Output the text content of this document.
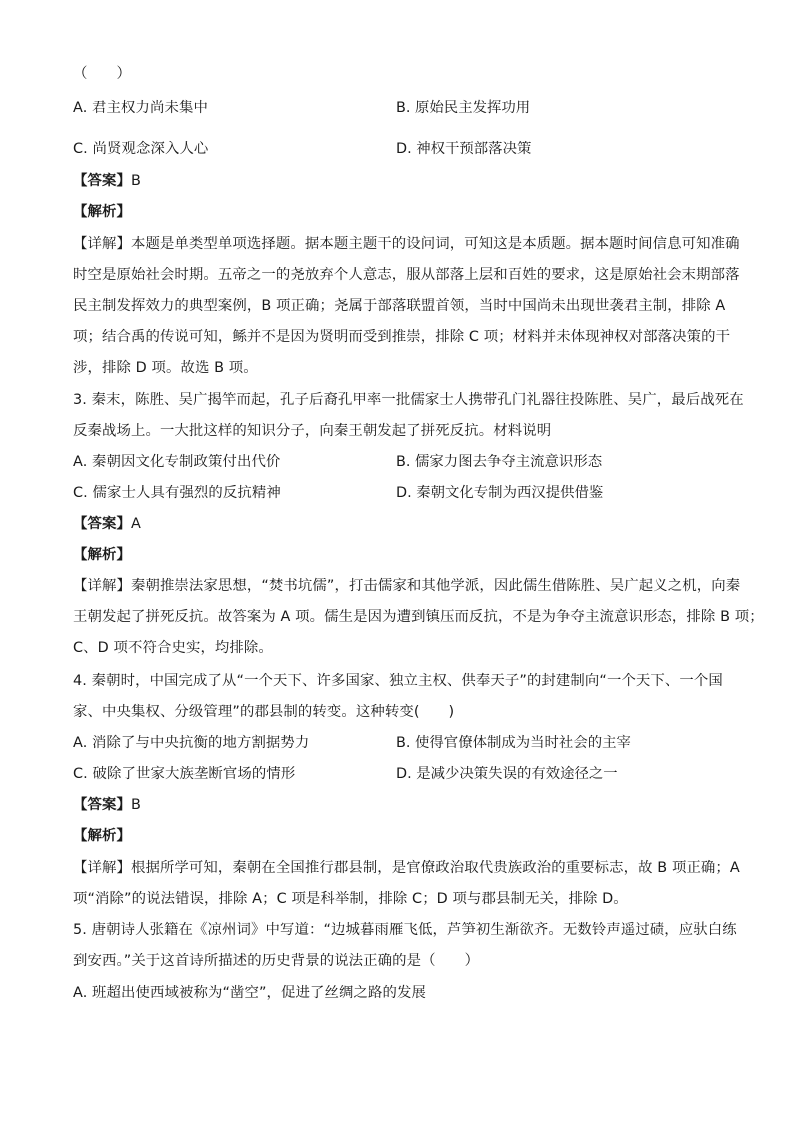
（　　）
A. 君主权力尚未集中	B. 原始民主发挥功用
C. 尚贤观念深入人心	D. 神权干预部落决策
【答案】B
【解析】
【详解】本题是单类型单项选择题。据本题主题干的设问词，可知这是本质题。据本题时间信息可知准确
时空是原始社会时期。五帝之一的尧放弃个人意志，服从部落上层和百姓的要求，这是原始社会末期部落
民主制发挥效力的典型案例，B 项正确；尧属于部落联盟首领，当时中国尚未出现世袭君主制，排除 A
项；结合禹的传说可知，鲧并不是因为贤明而受到推崇，排除 C 项；材料并未体现神权对部落决策的干
涉，排除 D 项。故选 B 项。
3. 秦末，陈胜、吴广揭竿而起，孔子后裔孔甲率一批儒家士人携带孔门礼器往投陈胜、吴广，最后战死在
反秦战场上。一大批这样的知识分子，向秦王朝发起了拼死反抗。材料说明
A. 秦朝因文化专制政策付出代价	B. 儒家力图去争夺主流意识形态
C. 儒家士人具有强烈的反抗精神	D. 秦朝文化专制为西汉提供借鉴
【答案】A
【解析】
【详解】秦朝推崇法家思想，“焚书坑儒”，打击儒家和其他学派，因此儒生借陈胜、吴广起义之机，向秦
王朝发起了拼死反抗。故答案为 A 项。儒生是因为遭到镇压而反抗，不是为争夺主流意识形态，排除 B 项；
C、D 项不符合史实，均排除。
4. 秦朝时，中国完成了从“一个天下、许多国家、独立主权、供奉天子”的封建制向“一个天下、一个国
家、中央集权、分级管理”的郡县制的转变。这种转变(　　)
A. 消除了与中央抗衡的地方割据势力	B. 使得官僚体制成为当时社会的主宰
C. 破除了世家大族垄断官场的情形	D. 是减少决策失误的有效途径之一
【答案】B
【解析】
【详解】根据所学可知，秦朝在全国推行郡县制，是官僚政治取代贵族政治的重要标志，故 B 项正确；A
项“消除”的说法错误，排除 A；C 项是科举制，排除 C；D 项与郡县制无关，排除 D。
5. 唐朝诗人张籍在《凉州词》中写道：“边城暮雨雁飞低，芦笋初生渐欲齐。无数铃声遥过碛，应驮白练
到安西。”关于这首诗所描述的历史背景的说法正确的是（　　）
A. 班超出使西域被称为“凿空”，促进了丝绸之路的发展
